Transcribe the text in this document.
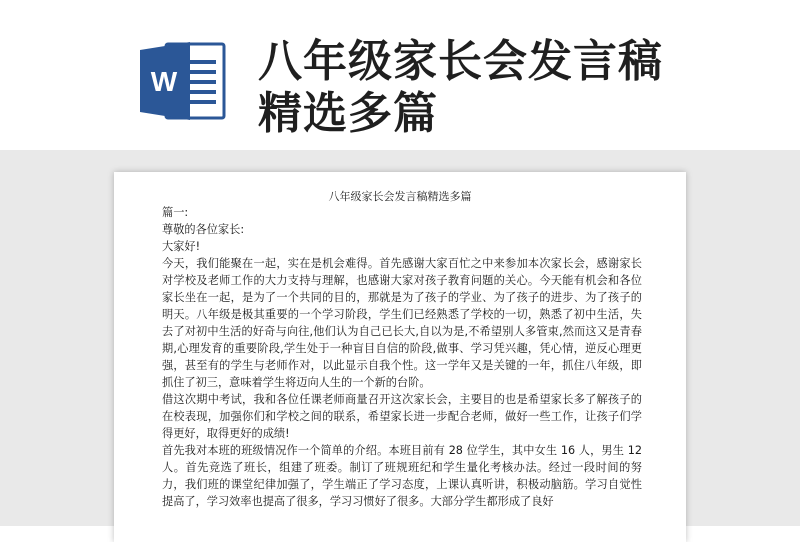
W 八年级家长会发言稿
精选多篇
八年级家长会发言稿精选多篇

篇一:

尊敬的各位家长:

大家好!

今天，我们能聚在一起，实在是机会难得。首先感谢大家百忙之中来参加本次家长会，感谢家长对学校及老师工作的大力支持与理解，也感谢大家对孩子教育问题的关心。今天能有机会和各位家长坐在一起，是为了一个共同的目的，那就是为了孩子的学业、为了孩子的进步、为了孩子的明天。八年级是极其重要的一个学习阶段，学生们已经熟悉了学校的一切，熟悉了初中生活，失去了对初中生活的好奇与向往,他们认为自己已长大,自以为是,不希望别人多管束,然而这又是青春期,心理发育的重要阶段,学生处于一种盲目自信的阶段,做事、学习凭兴趣，凭心情，逆反心理更强，甚至有的学生与老师作对，以此显示自我个性。这一学年又是关键的一年，抓住八年级，即抓住了初三，意味着学生将迈向人生的一个新的台阶。

借这次期中考试，我和各位任课老师商量召开这次家长会，主要目的也是希望家长多了解孩子的在校表现，加强你们和学校之间的联系，希望家长进一步配合老师，做好一些工作，让孩子们学得更好，取得更好的成绩!

首先我对本班的班级情况作一个简单的介绍。本班目前有 28 位学生，其中女生 16 人，男生 12 人。首先竞选了班长，组建了班委。制订了班规班纪和学生量化考核办法。经过一段时间的努力，我们班的课堂纪律加强了，学生端正了学习态度，上课认真听讲，积极动脑筋。学习自觉性提高了，学习效率也提高了很多，学习习惯好了很多。大部分学生都形成了良好
